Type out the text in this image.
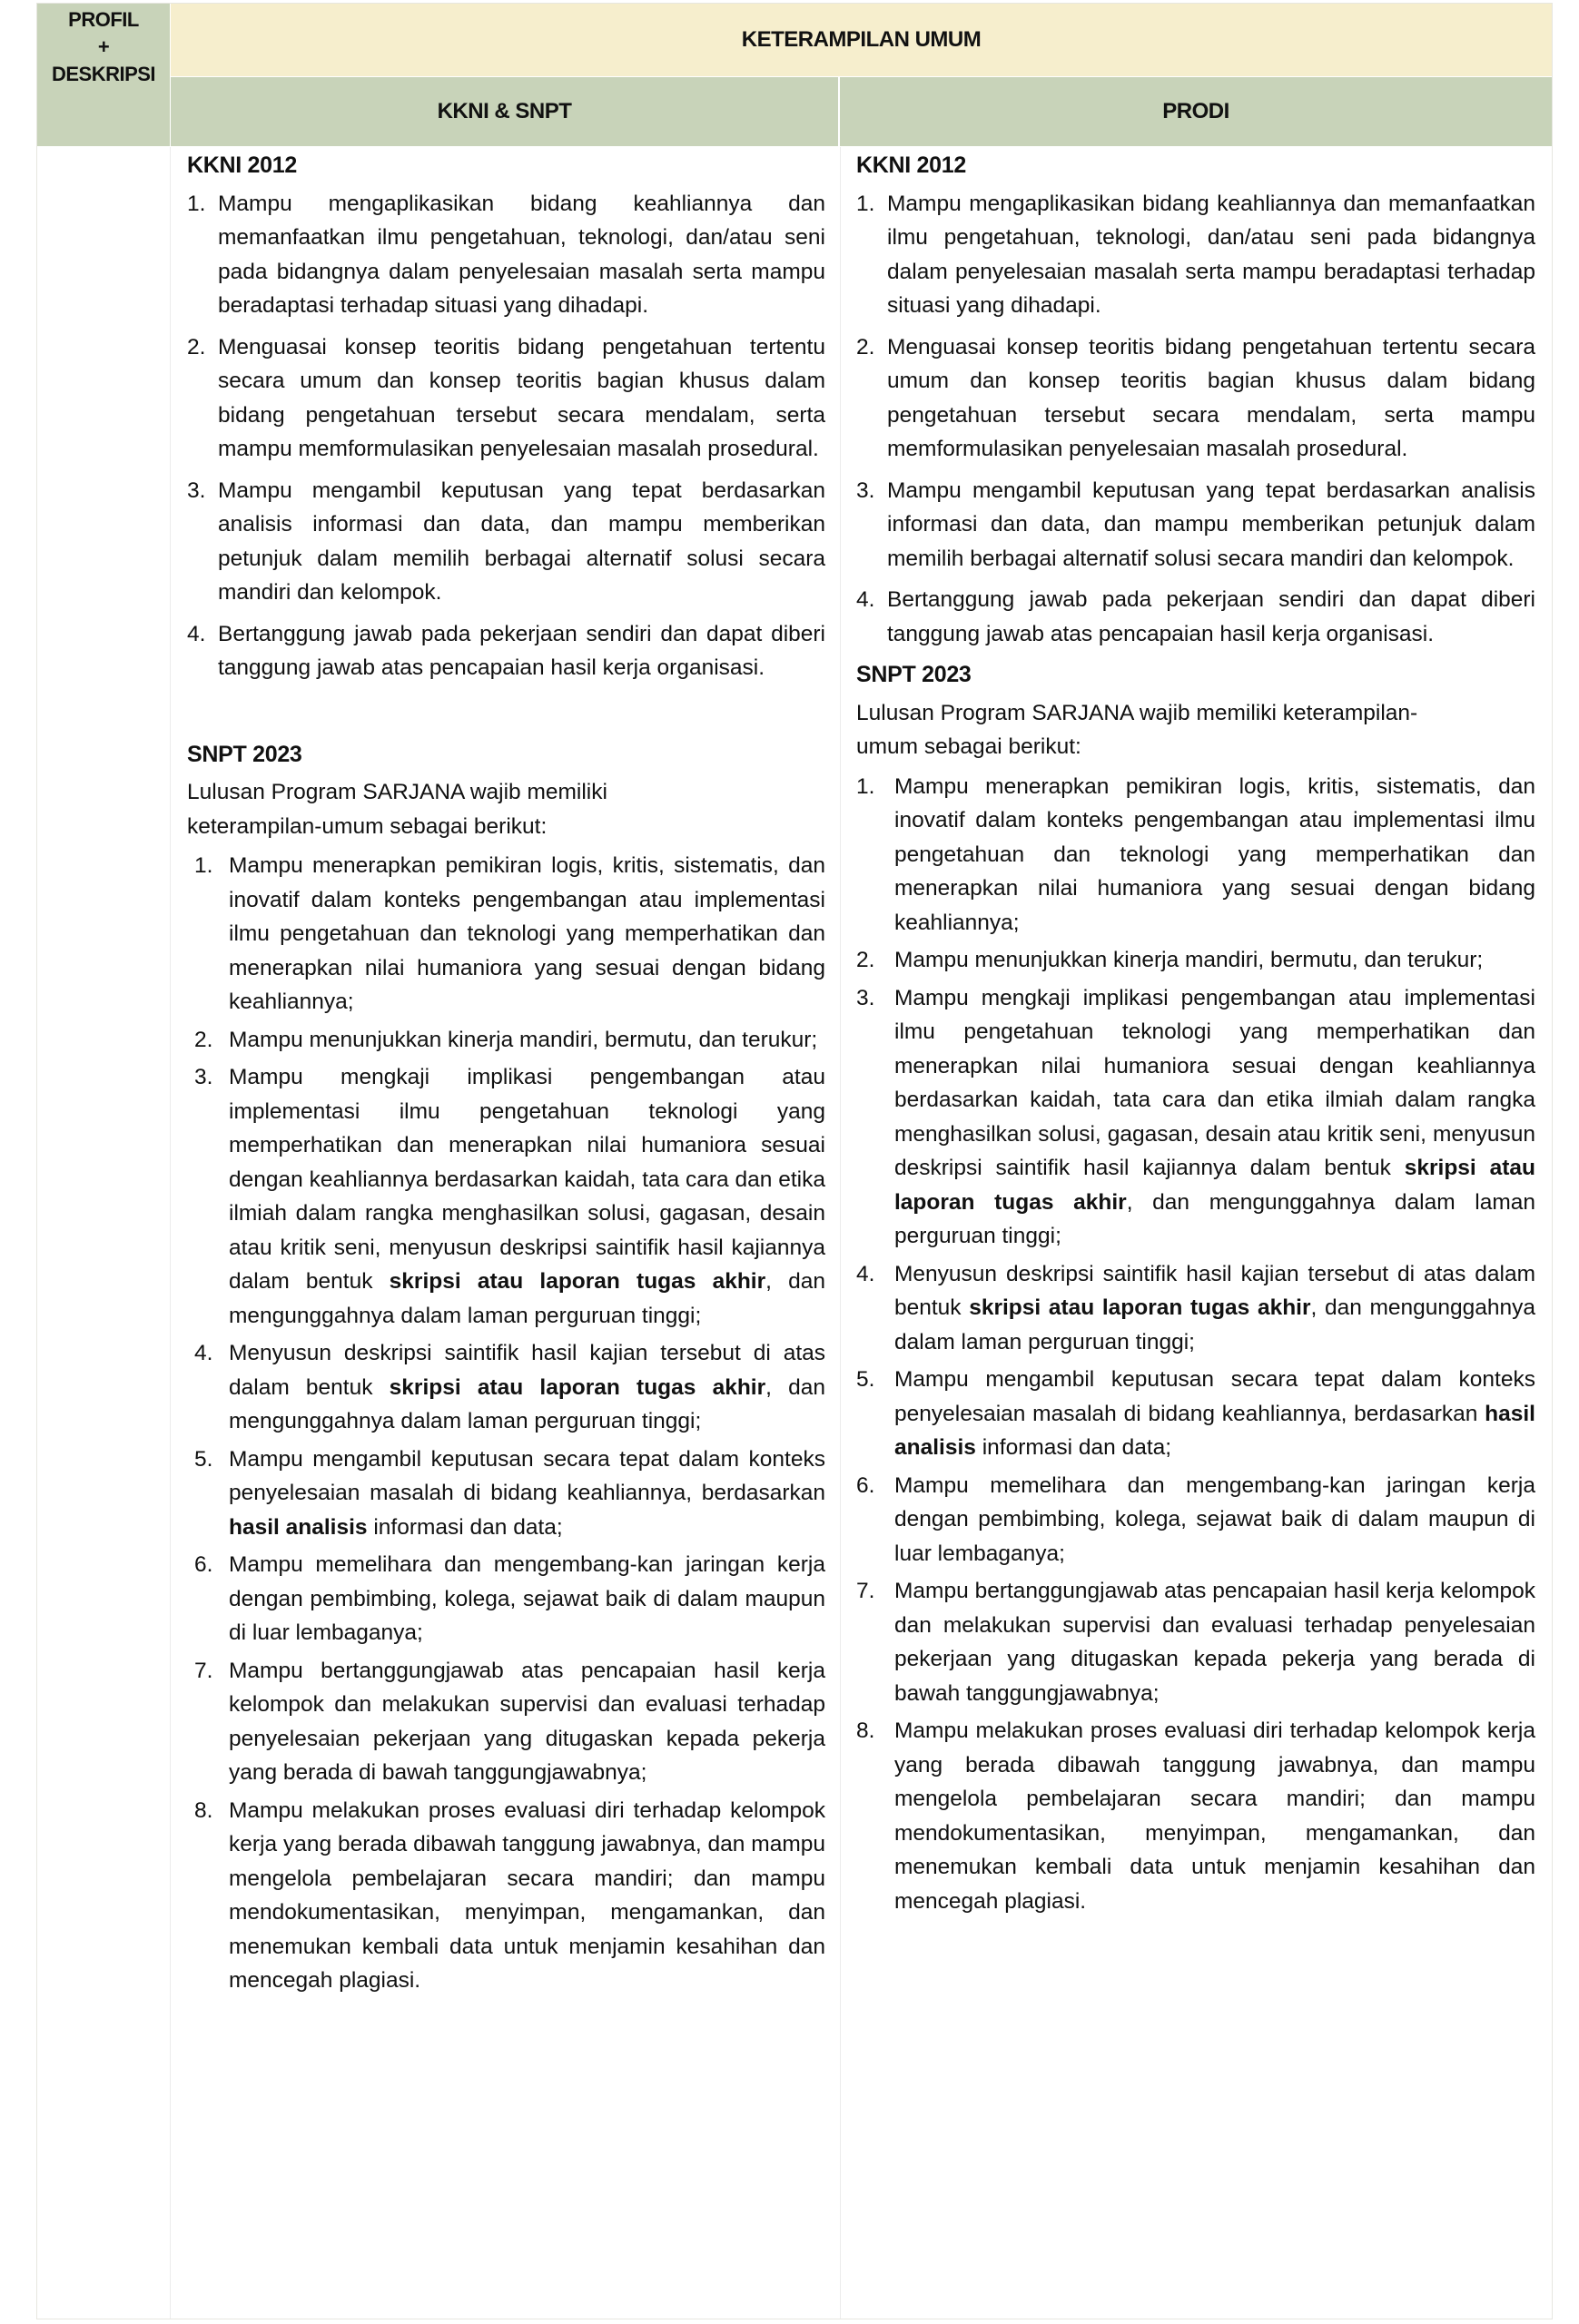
PROFIL
+
DESKRIPSI
KETERAMPILAN UMUM
KKNI & SNPT	PRODI
KKNI 2012
1. Mampu mengaplikasikan bidang keahliannya dan memanfaatkan ilmu pengetahuan, teknologi, dan/atau seni pada bidangnya dalam penyelesaian masalah serta mampu beradaptasi terhadap situasi yang dihadapi.
2. Menguasai konsep teoritis bidang pengetahuan tertentu secara umum dan konsep teoritis bagian khusus dalam bidang pengetahuan tersebut secara mendalam, serta mampu memformulasikan penyelesaian masalah prosedural.
3. Mampu mengambil keputusan yang tepat berdasarkan analisis informasi dan data, dan mampu memberikan petunjuk dalam memilih berbagai alternatif solusi secara mandiri dan kelompok.
4. Bertanggung jawab pada pekerjaan sendiri dan dapat diberi tanggung jawab atas pencapaian hasil kerja organisasi.
SNPT 2023
Lulusan Program SARJANA wajib memiliki
keterampilan-umum sebagai berikut:
1. Mampu menerapkan pemikiran logis, kritis, sistematis, dan inovatif dalam konteks pengembangan atau implementasi ilmu pengetahuan dan teknologi yang memperhatikan dan menerapkan nilai humaniora yang sesuai dengan bidang keahliannya;
2. Mampu menunjukkan kinerja mandiri, bermutu, dan terukur;
3. Mampu mengkaji implikasi pengembangan atau implementasi ilmu pengetahuan teknologi yang memperhatikan dan menerapkan nilai humaniora sesuai dengan keahliannya berdasarkan kaidah, tata cara dan etika ilmiah dalam rangka menghasilkan solusi, gagasan, desain atau kritik seni, menyusun deskripsi saintifik hasil kajiannya dalam bentuk skripsi atau laporan tugas akhir, dan mengunggahnya dalam laman perguruan tinggi;
4. Menyusun deskripsi saintifik hasil kajian tersebut di atas dalam bentuk skripsi atau laporan tugas akhir, dan mengunggahnya dalam laman perguruan tinggi;
5. Mampu mengambil keputusan secara tepat dalam konteks penyelesaian masalah di bidang keahliannya, berdasarkan hasil analisis informasi dan data;
6. Mampu memelihara dan mengembang-kan jaringan kerja dengan pembimbing, kolega, sejawat baik di dalam maupun di luar lembaganya;
7. Mampu bertanggungjawab atas pencapaian hasil kerja kelompok dan melakukan supervisi dan evaluasi terhadap penyelesaian pekerjaan yang ditugaskan kepada pekerja yang berada di bawah tanggungjawabnya;
8. Mampu melakukan proses evaluasi diri terhadap kelompok kerja yang berada dibawah tanggung jawabnya, dan mampu mengelola pembelajaran secara mandiri; dan mampu mendokumentasikan, menyimpan, mengamankan, dan menemukan kembali data untuk menjamin kesahihan dan mencegah plagiasi.
KKNI 2012
1. Mampu mengaplikasikan bidang keahliannya dan memanfaatkan ilmu pengetahuan, teknologi, dan/atau seni pada bidangnya dalam penyelesaian masalah serta mampu beradaptasi terhadap situasi yang dihadapi.
2. Menguasai konsep teoritis bidang pengetahuan tertentu secara umum dan konsep teoritis bagian khusus dalam bidang pengetahuan tersebut secara mendalam, serta mampu memformulasikan penyelesaian masalah prosedural.
3. Mampu mengambil keputusan yang tepat berdasarkan analisis informasi dan data, dan mampu memberikan petunjuk dalam memilih berbagai alternatif solusi secara mandiri dan kelompok.
4. Bertanggung jawab pada pekerjaan sendiri dan dapat diberi tanggung jawab atas pencapaian hasil kerja organisasi.
SNPT 2023
Lulusan Program SARJANA wajib memiliki keterampilan-
umum sebagai berikut:
1. Mampu menerapkan pemikiran logis, kritis, sistematis, dan inovatif dalam konteks pengembangan atau implementasi ilmu pengetahuan dan teknologi yang memperhatikan dan menerapkan nilai humaniora yang sesuai dengan bidang keahliannya;
2. Mampu menunjukkan kinerja mandiri, bermutu, dan terukur;
3. Mampu mengkaji implikasi pengembangan atau implementasi ilmu pengetahuan teknologi yang memperhatikan dan menerapkan nilai humaniora sesuai dengan keahliannya berdasarkan kaidah, tata cara dan etika ilmiah dalam rangka menghasilkan solusi, gagasan, desain atau kritik seni, menyusun deskripsi saintifik hasil kajiannya dalam bentuk skripsi atau laporan tugas akhir, dan mengunggahnya dalam laman perguruan tinggi;
4. Menyusun deskripsi saintifik hasil kajian tersebut di atas dalam bentuk skripsi atau laporan tugas akhir, dan mengunggahnya dalam laman perguruan tinggi;
5. Mampu mengambil keputusan secara tepat dalam konteks penyelesaian masalah di bidang keahliannya, berdasarkan hasil analisis informasi dan data;
6. Mampu memelihara dan mengembang-kan jaringan kerja dengan pembimbing, kolega, sejawat baik di dalam maupun di luar lembaganya;
7. Mampu bertanggungjawab atas pencapaian hasil kerja kelompok dan melakukan supervisi dan evaluasi terhadap penyelesaian pekerjaan yang ditugaskan kepada pekerja yang berada di bawah tanggungjawabnya;
8. Mampu melakukan proses evaluasi diri terhadap kelompok kerja yang berada dibawah tanggung jawabnya, dan mampu mengelola pembelajaran secara mandiri; dan mampu mendokumentasikan, menyimpan, mengamankan, dan menemukan kembali data untuk menjamin kesahihan dan mencegah plagiasi.
